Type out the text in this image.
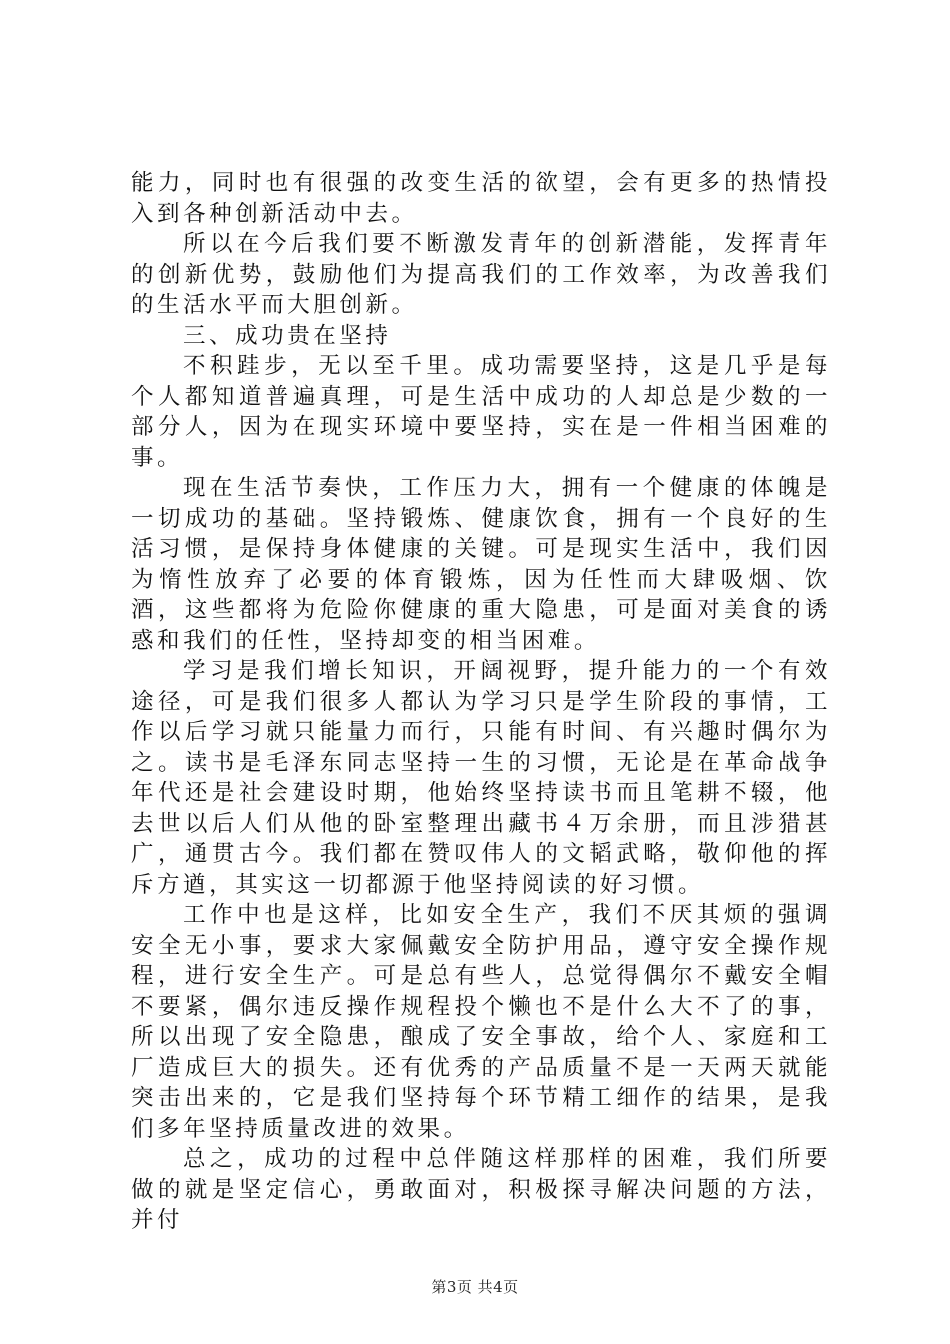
能力，同时也有很强的改变生活的欲望，会有更多的热情投入到各种创新活动中去。

所以在今后我们要不断激发青年的创新潜能，发挥青年的创新优势，鼓励他们为提高我们的工作效率，为改善我们的生活水平而大胆创新。

三、成功贵在坚持

不积跬步，无以至千里。成功需要坚持，这是几乎是每个人都知道普遍真理，可是生活中成功的人却总是少数的一部分人，因为在现实环境中要坚持，实在是一件相当困难的事。

现在生活节奏快，工作压力大，拥有一个健康的体魄是一切成功的基础。坚持锻炼、健康饮食，拥有一个良好的生活习惯，是保持身体健康的关键。可是现实生活中，我们因为惰性放弃了必要的体育锻炼，因为任性而大肆吸烟、饮酒，这些都将为危险你健康的重大隐患，可是面对美食的诱惑和我们的任性，坚持却变的相当困难。

学习是我们增长知识，开阔视野，提升能力的一个有效途径，可是我们很多人都认为学习只是学生阶段的事情，工作以后学习就只能量力而行，只能有时间、有兴趣时偶尔为之。读书是毛泽东同志坚持一生的习惯，无论是在革命战争年代还是社会建设时期，他始终坚持读书而且笔耕不辍，他去世以后人们从他的卧室整理出藏书４万余册，而且涉猎甚广，通贯古今。我们都在赞叹伟人的文韬武略，敬仰他的挥斥方遒，其实这一切都源于他坚持阅读的好习惯。

工作中也是这样，比如安全生产，我们不厌其烦的强调安全无小事，要求大家佩戴安全防护用品，遵守安全操作规程，进行安全生产。可是总有些人，总觉得偶尔不戴安全帽不要紧，偶尔违反操作规程投个懒也不是什么大不了的事，所以出现了安全隐患，酿成了安全事故，给个人、家庭和工厂造成巨大的损失。还有优秀的产品质量不是一天两天就能突击出来的，它是我们坚持每个环节精工细作的结果，是我们多年坚持质量改进的效果。

总之，成功的过程中总伴随这样那样的困难，我们所要做的就是坚定信心，勇敢面对，积极探寻解决问题的方法，并付

第3页 共4页
